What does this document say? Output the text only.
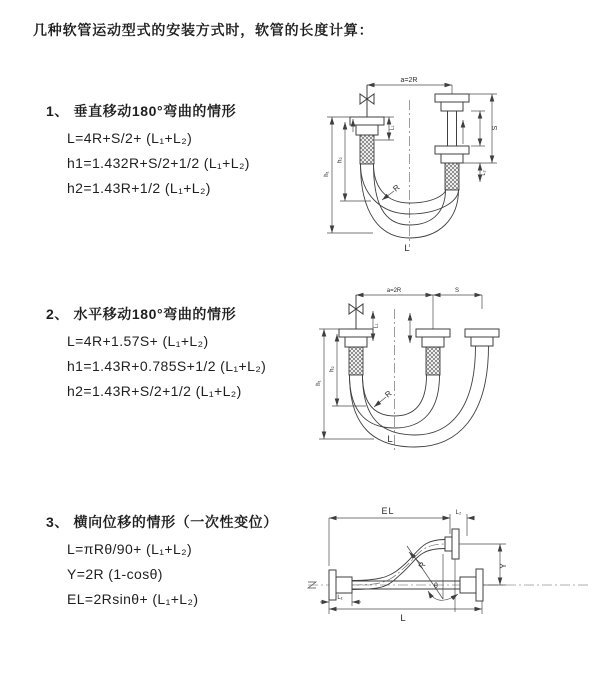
几种软管运动型式的安装方式时，软管的长度计算：
1、 垂直移动180°弯曲的情形
L=4R+S/2+ (L₁+L₂)
h1=1.432R+S/2+1/2 (L₁+L₂)
h2=1.43R+1/2 (L₁+L₂)
2、 水平移动180°弯曲的情形
L=4R+1.57S+ (L₁+L₂)
h1=1.43R+0.785S+1/2 (L₁+L₂)
h2=1.43R+S/2+1/2 (L₁+L₂)
3、 横向位移的情形（一次性变位）
L=πRθ/90+ (L₁+L₂)
Y=2R (1-cosθ)
EL=2Rsinθ+ (L₁+L₂)
a=2R
S
L₂
L₁
h₁
h₂
R
L
a=2R	S
L₁
h₁
h₂
R
L
EL	L₂
Y
θ
R
L₁
L
